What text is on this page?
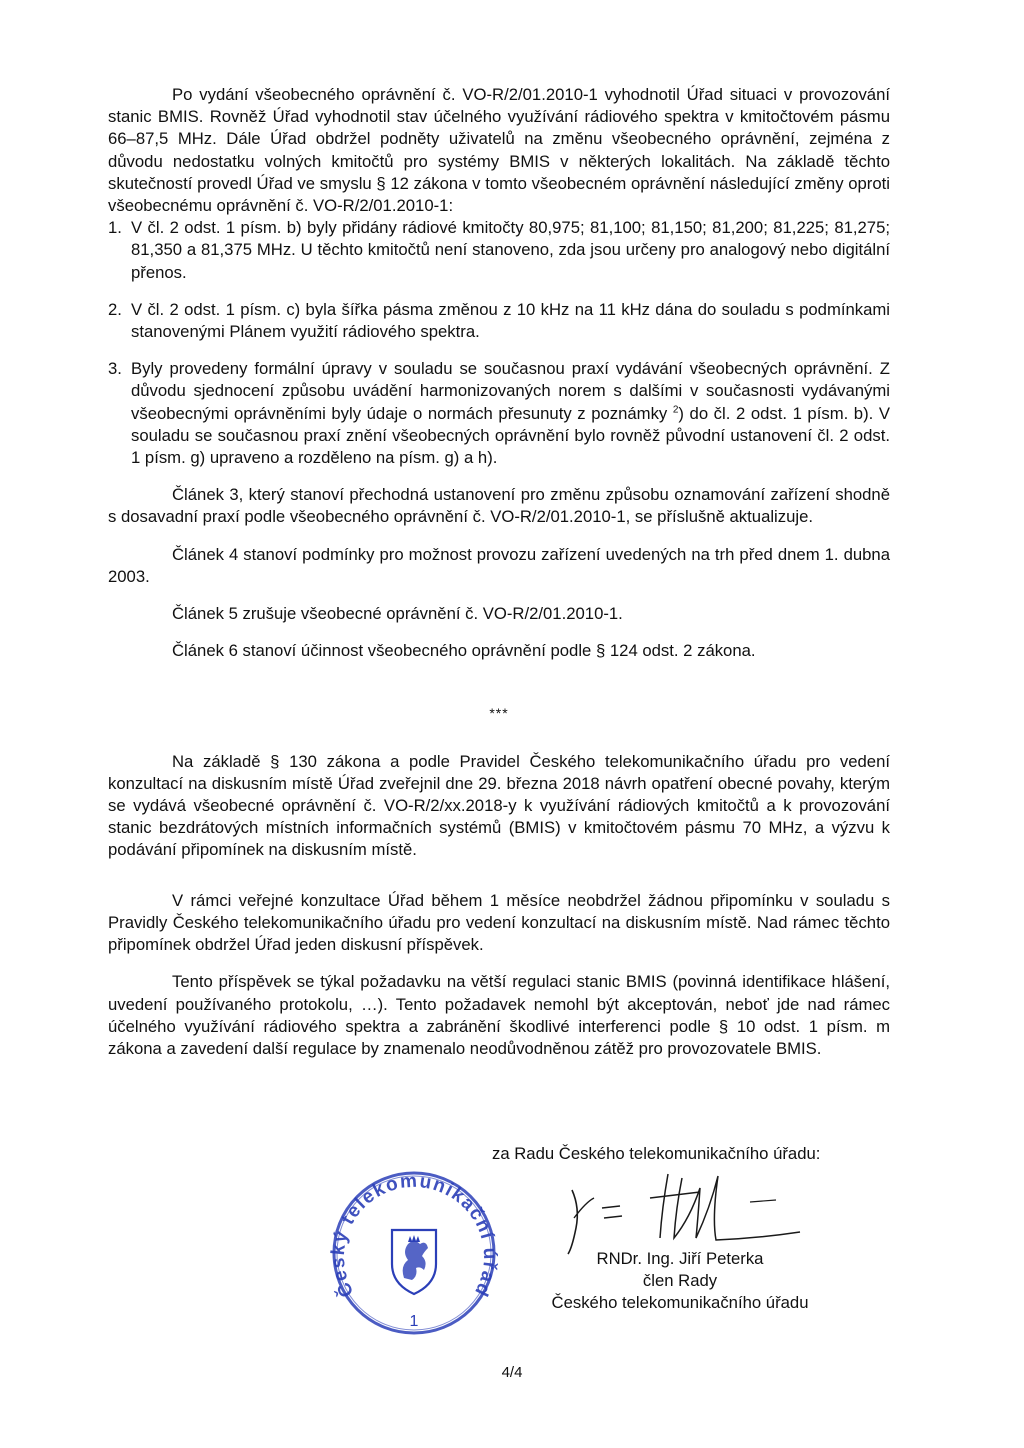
Po vydání všeobecného oprávnění č. VO-R/2/01.2010-1 vyhodnotil Úřad situaci v provozování stanic BMIS. Rovněž Úřad vyhodnotil stav účelného využívání rádiového spektra v kmitočtovém pásmu 66–87,5 MHz. Dále Úřad obdržel podněty uživatelů na změnu všeobecného oprávnění, zejména z důvodu nedostatku volných kmitočtů pro systémy BMIS v některých lokalitách. Na základě těchto skutečností provedl Úřad ve smyslu § 12 zákona v tomto všeobecném oprávnění následující změny oproti všeobecnému oprávnění č. VO-R/2/01.2010-1:

1. V čl. 2 odst. 1 písm. b) byly přidány rádiové kmitočty 80,975; 81,100; 81,150; 81,200; 81,225; 81,275; 81,350 a 81,375 MHz. U těchto kmitočtů není stanoveno, zda jsou určeny pro analogový nebo digitální přenos.
2. V čl. 2 odst. 1 písm. c) byla šířka pásma změnou z 10 kHz na 11 kHz dána do souladu s podmínkami stanovenými Plánem využití rádiového spektra.
3. Byly provedeny formální úpravy v souladu se současnou praxí vydávání všeobecných oprávnění. Z důvodu sjednocení způsobu uvádění harmonizovaných norem s dalšími v současnosti vydávanými všeobecnými oprávněními byly údaje o normách přesunuty z poznámky $^2$) do čl. 2 odst. 1 písm. b). V souladu se současnou praxí znění všeobecných oprávnění bylo rovněž původní ustanovení čl. 2 odst. 1 písm. g) upraveno a rozděleno na písm. g) a h).

Článek 3, který stanoví přechodná ustanovení pro změnu způsobu oznamování zařízení shodně s dosavadní praxí podle všeobecného oprávnění č. VO-R/2/01.2010-1, se příslušně aktualizuje.

Článek 4 stanoví podmínky pro možnost provozu zařízení uvedených na trh před dnem 1. dubna 2003.

Článek 5 zrušuje všeobecné oprávnění č. VO-R/2/01.2010-1.

Článek 6 stanoví účinnost všeobecného oprávnění podle § 124 odst. 2 zákona.

***

Na základě § 130 zákona a podle Pravidel Českého telekomunikačního úřadu pro vedení konzultací na diskusním místě Úřad zveřejnil dne 29. března 2018 návrh opatření obecné povahy, kterým se vydává všeobecné oprávnění č. VO-R/2/xx.2018-y k využívání rádiových kmitočtů a k provozování stanic bezdrátových místních informačních systémů (BMIS) v kmitočtovém pásmu 70 MHz, a výzvu k podávání připomínek na diskusním místě.

V rámci veřejné konzultace Úřad během 1 měsíce neobdržel žádnou připomínku v souladu s Pravidly Českého telekomunikačního úřadu pro vedení konzultací na diskusním místě. Nad rámec těchto připomínek obdržel Úřad jeden diskusní příspěvek.

Tento příspěvek se týkal požadavku na větší regulaci stanic BMIS (povinná identifikace hlášení, uvedení používaného protokolu, …). Tento požadavek nemohl být akceptován, neboť jde nad rámec účelného využívání rádiového spektra a zabránění škodlivé interferenci podle § 10 odst. 1 písm. m zákona a zavedení další regulace by znamenalo neodůvodněnou zátěž pro provozovatele BMIS.

za Radu Českého telekomunikačního úřadu:
Český telekomunikační úřad
1
RNDr. Ing. Jiří Peterka
člen Rady
Českého telekomunikačního úřadu
4/4
